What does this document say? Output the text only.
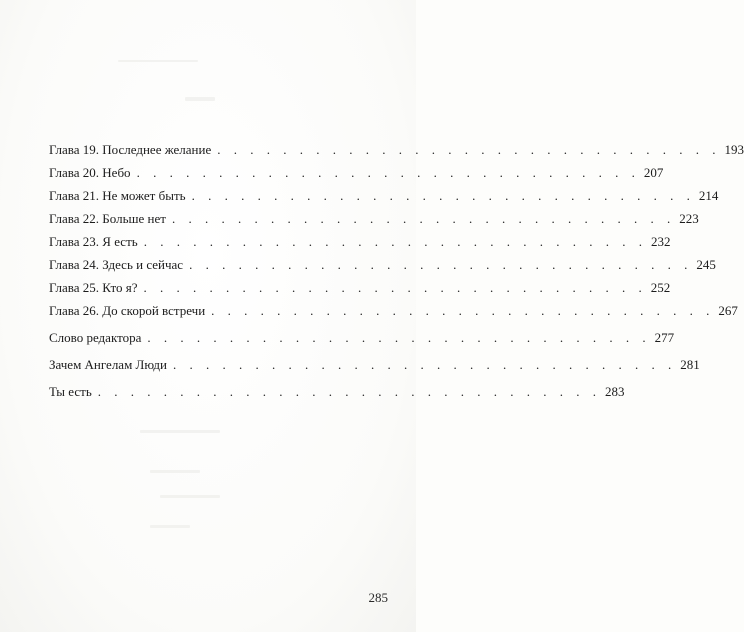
Глава 19. Последнее желание . . . . . . . . . . . . . . . . . . . . . . . . . . . . . . . 193
Глава 20. Небо . . . . . . . . . . . . . . . . . . . . . . . . . . . . . . . 207
Глава 21. Не может быть . . . . . . . . . . . . . . . . . . . . . . . . . . . . . . . 214
Глава 22. Больше нет . . . . . . . . . . . . . . . . . . . . . . . . . . . . . . . 223
Глава 23. Я есть . . . . . . . . . . . . . . . . . . . . . . . . . . . . . . . 232
Глава 24. Здесь и сейчас . . . . . . . . . . . . . . . . . . . . . . . . . . . . . . . 245
Глава 25. Кто я? . . . . . . . . . . . . . . . . . . . . . . . . . . . . . . . 252
Глава 26. До скорой встречи . . . . . . . . . . . . . . . . . . . . . . . . . . . . . . . 267
Слово редактора . . . . . . . . . . . . . . . . . . . . . . . . . . . . . . . 277
Зачем Ангелам Люди . . . . . . . . . . . . . . . . . . . . . . . . . . . . . . . 281
Ты есть . . . . . . . . . . . . . . . . . . . . . . . . . . . . . . . 283
285
